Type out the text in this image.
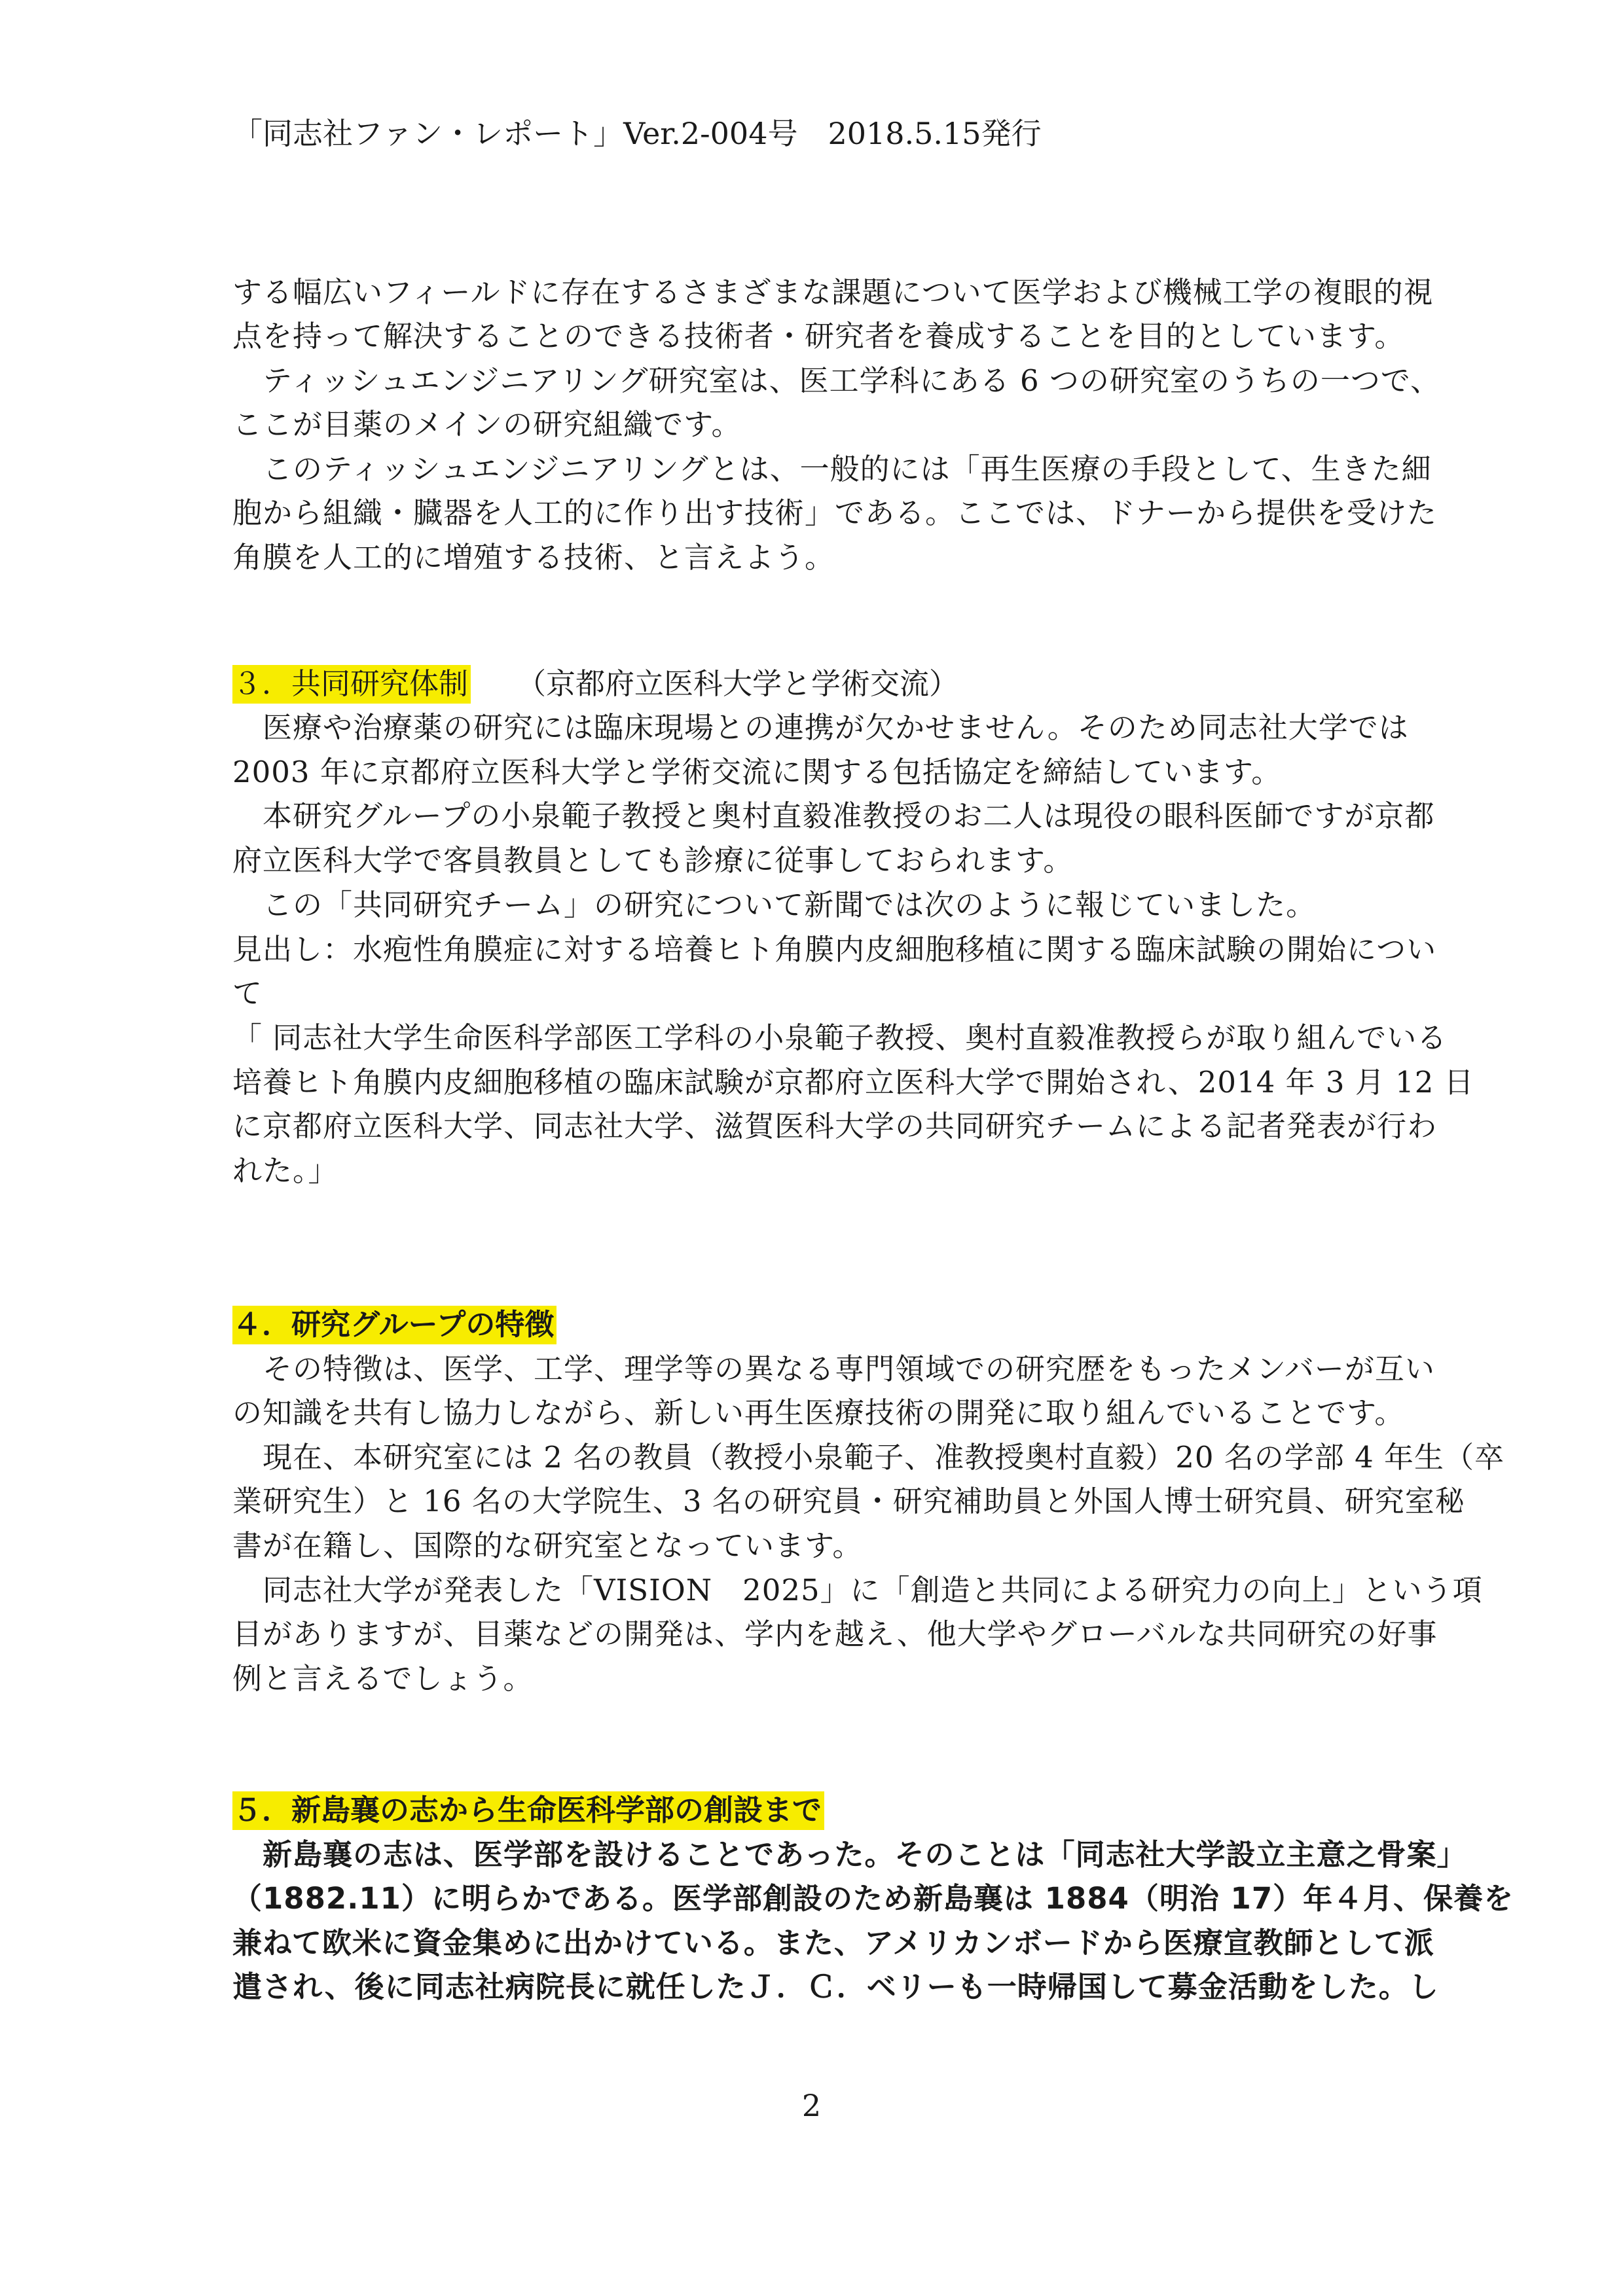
「同志社ファン・レポート」Ver.2-004号　2018.5.15発行
する幅広いフィールドに存在するさまざまな課題について医学および機械工学の複眼的視
点を持って解決することのできる技術者・研究者を養成することを目的としています。
　ティッシュエンジニアリング研究室は、医工学科にある 6 つの研究室のうちの一つで、
ここが目薬のメインの研究組織です。
　このティッシュエンジニアリングとは、一般的には「再生医療の手段として、生きた細
胞から組織・臓器を人工的に作り出す技術」である。ここでは、ドナーから提供を受けた
角膜を人工的に増殖する技術、と言えよう。
３．共同研究体制 （京都府立医科大学と学術交流）
　医療や治療薬の研究には臨床現場との連携が欠かせません。そのため同志社大学では
2003 年に京都府立医科大学と学術交流に関する包括協定を締結しています。
　本研究グループの小泉範子教授と奥村直毅准教授のお二人は現役の眼科医師ですが京都
府立医科大学で客員教員としても診療に従事しておられます。
　この「共同研究チーム」の研究について新聞では次のように報じていました。
見出し：水疱性角膜症に対する培養ヒト角膜内皮細胞移植に関する臨床試験の開始につい
て
「 同志社大学生命医科学部医工学科の小泉範子教授、奥村直毅准教授らが取り組んでいる
培養ヒト角膜内皮細胞移植の臨床試験が京都府立医科大学で開始され、2014 年 3 月 12 日
に京都府立医科大学、同志社大学、滋賀医科大学の共同研究チームによる記者発表が行わ
れた。」
４．研究グループの特徴
　その特徴は、医学、工学、理学等の異なる専門領域での研究歴をもったメンバーが互い
の知識を共有し協力しながら、新しい再生医療技術の開発に取り組んでいることです。
　現在、本研究室には 2 名の教員（教授小泉範子、准教授奥村直毅）20 名の学部 4 年生（卒
業研究生）と 16 名の大学院生、3 名の研究員・研究補助員と外国人博士研究員、研究室秘
書が在籍し、国際的な研究室となっています。
　同志社大学が発表した「VISION　2025」に「創造と共同による研究力の向上」という項
目がありますが、目薬などの開発は、学内を越え、他大学やグローバルな共同研究の好事
例と言えるでしょう。
５．新島襄の志から生命医科学部の創設まで
　新島襄の志は、医学部を設けることであった。そのことは「同志社大学設立主意之骨案」
（1882.11）に明らかである。医学部創設のため新島襄は 1884（明治 17）年４月、保養を
兼ねて欧米に資金集めに出かけている。また、アメリカンボードから医療宣教師として派
遣され、後に同志社病院長に就任したＪ．Ｃ．ベリーも一時帰国して募金活動をした。し
2
